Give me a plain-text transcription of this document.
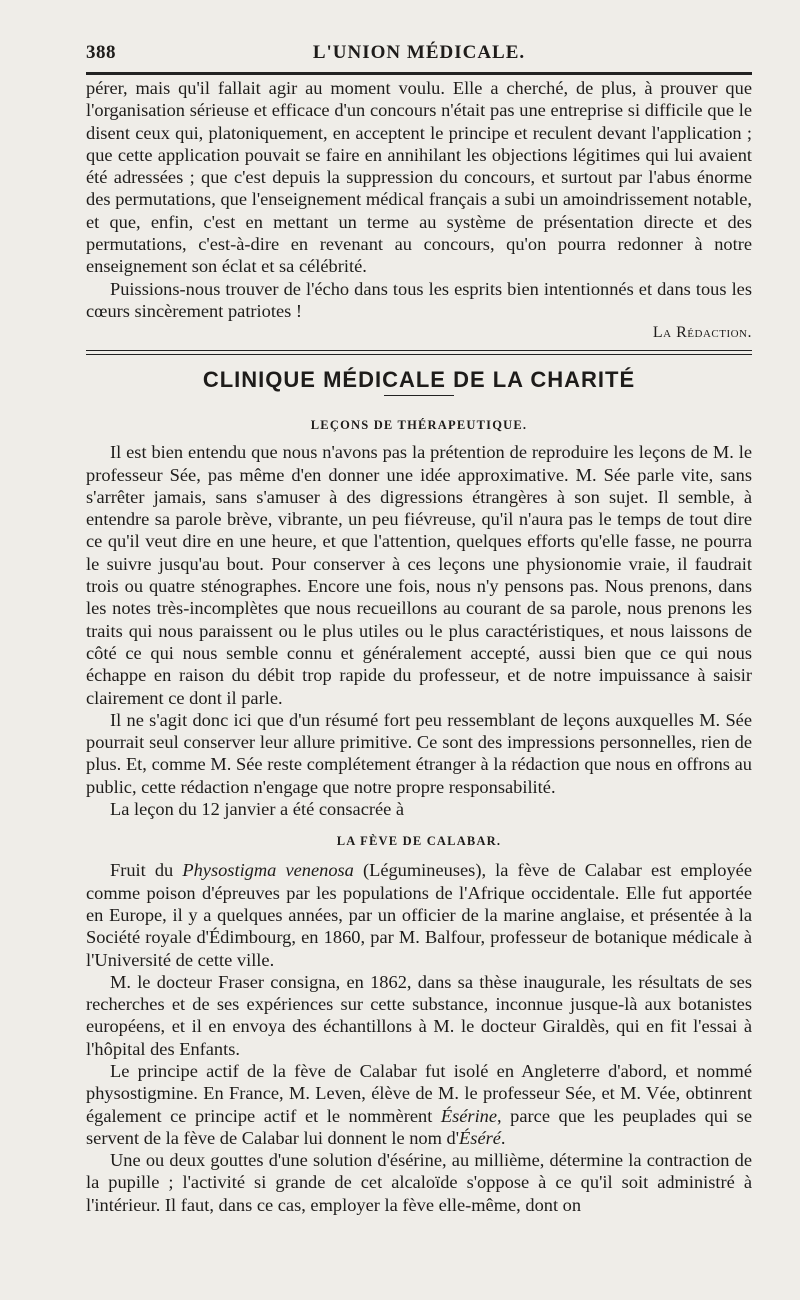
388	L'UNION MÉDICALE.

pérer, mais qu'il fallait agir au moment voulu. Elle a cherché, de plus, à prouver que l'organisation sérieuse et efficace d'un concours n'était pas une entreprise si difficile que le disent ceux qui, platoniquement, en acceptent le principe et reculent devant l'application ; que cette application pouvait se faire en annihilant les objections légitimes qui lui avaient été adressées ; que c'est depuis la suppression du concours, et surtout par l'abus énorme des permutations, que l'enseignement médical français a subi un amoindrissement notable, et que, enfin, c'est en mettant un terme au système de présentation directe et des permutations, c'est-à-dire en revenant au concours, qu'on pourra redonner à notre enseignement son éclat et sa célébrité.

Puissions-nous trouver de l'écho dans tous les esprits bien intentionnés et dans tous les cœurs sincèrement patriotes !

La Rédaction.
CLINIQUE MÉDICALE DE LA CHARITÉ
LEÇONS DE THÉRAPEUTIQUE.

Il est bien entendu que nous n'avons pas la prétention de reproduire les leçons de M. le professeur Sée, pas même d'en donner une idée approximative. M. Sée parle vite, sans s'arrêter jamais, sans s'amuser à des digressions étrangères à son sujet. Il semble, à entendre sa parole brève, vibrante, un peu fiévreuse, qu'il n'aura pas le temps de tout dire ce qu'il veut dire en une heure, et que l'attention, quelques efforts qu'elle fasse, ne pourra le suivre jusqu'au bout. Pour conserver à ces leçons une physionomie vraie, il faudrait trois ou quatre sténographes. Encore une fois, nous n'y pensons pas. Nous prenons, dans les notes très-incomplètes que nous recueillons au courant de sa parole, nous prenons les traits qui nous paraissent ou le plus utiles ou le plus caractéristiques, et nous laissons de côté ce qui nous semble connu et généralement accepté, aussi bien que ce qui nous échappe en raison du débit trop rapide du professeur, et de notre impuissance à saisir clairement ce dont il parle.

Il ne s'agit donc ici que d'un résumé fort peu ressemblant de leçons auxquelles M. Sée pourrait seul conserver leur allure primitive. Ce sont des impressions personnelles, rien de plus. Et, comme M. Sée reste complétement étranger à la rédaction que nous en offrons au public, cette rédaction n'engage que notre propre responsabilité.

La leçon du 12 janvier a été consacrée à

LA FÈVE DE CALABAR.

Fruit du Physostigma venenosa (Légumineuses), la fève de Calabar est employée comme poison d'épreuves par les populations de l'Afrique occidentale. Elle fut apportée en Europe, il y a quelques années, par un officier de la marine anglaise, et présentée à la Société royale d'Édimbourg, en 1860, par M. Balfour, professeur de botanique médicale à l'Université de cette ville.

M. le docteur Fraser consigna, en 1862, dans sa thèse inaugurale, les résultats de ses recherches et de ses expériences sur cette substance, inconnue jusque-là aux botanistes européens, et il en envoya des échantillons à M. le docteur Giraldès, qui en fit l'essai à l'hôpital des Enfants.

Le principe actif de la fève de Calabar fut isolé en Angleterre d'abord, et nommé physostigmine. En France, M. Leven, élève de M. le professeur Sée, et M. Vée, obtinrent également ce principe actif et le nommèrent Ésérine, parce que les peuplades qui se servent de la fève de Calabar lui donnent le nom d'Éséré.

Une ou deux gouttes d'une solution d'ésérine, au millième, détermine la contraction de la pupille ; l'activité si grande de cet alcaloïde s'oppose à ce qu'il soit administré à l'intérieur. Il faut, dans ce cas, employer la fève elle-même, dont on
